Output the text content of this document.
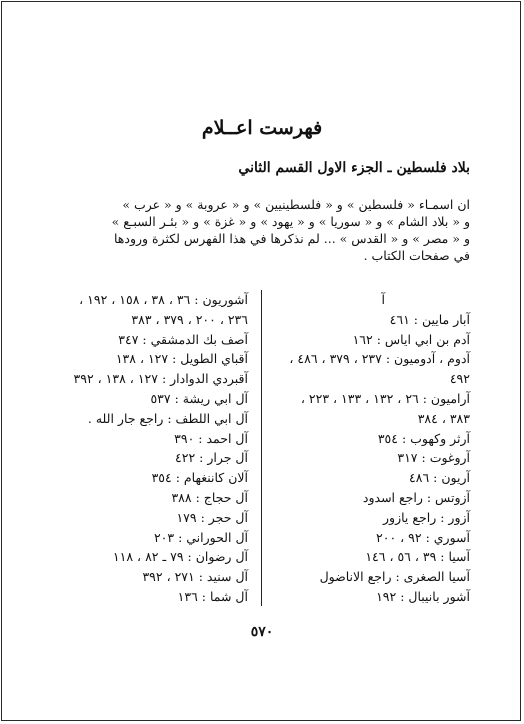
فهرست اعــلام
بلاد فلسطين ـ الجزء الاول القسم الثاني

ان اسمـاء « فلسطين » و « فلسطينيين » و « عروبة » و « عرب »

و « بلاد الشام » و « سوريا » و « يهود » و « غزة » و « بئـر السبـع »

و « مصر » و « القدس » ... لم نذكرها في هذا الفهرس لكثرة ورودها

في صفحات الكتاب .

آ
آبار مايين : ٤٦١
آدم بن ابي اياس : ١٦٢
آدوم ، آدوميون : ٢٣٧ ، ٣٧٩ ، ٤٨٦ ،
٤٩٢
آراميون : ٢٦ ، ١٣٢ ، ١٣٣ ، ٢٢٣ ،
٣٨٣ ، ٣٨٤
آرثر وكهوب : ٣٥٤
آروغوت : ٣١٧
آريون : ٤٨٦
آزوتس : راجع اسدود
آزور : راجع يازور
آسوري : ٩٢ ، ٢٠٠
آسيا : ٣٩ ، ٥٦ ، ١٤٦
آسيا الصغرى : راجع الاناضول
آشور بانيبال : ١٩٢
آشوريون : ٣٦ ، ٣٨ ، ١٥٨ ، ١٩٢ ،
٢٣٦ ، ٢٠٠ ، ٣٧٩ ، ٣٨٣
آصف بك الدمشقي : ٣٤٧
آقباي الطويل : ١٢٧ ، ١٣٨
آقبردي الدوادار : ١٢٧ ، ١٣٨ ، ٣٩٢
آل ابي ريشة : ٥٣٧
آل ابي اللطف : راجع جار الله .
آل احمد : ٣٩٠
آل جرار : ٤٢٢
آلان كاننغهام : ٣٥٤
آل حجاج : ٣٨٨
آل حجر : ١٧٩
آل الحوراني : ٢٠٣
آل رضوان : ٧٩ ـ ٨٢ ، ١١٨
آل سنيد : ٢٧١ ، ٣٩٢
آل شما : ١٣٦
٥٧٠
